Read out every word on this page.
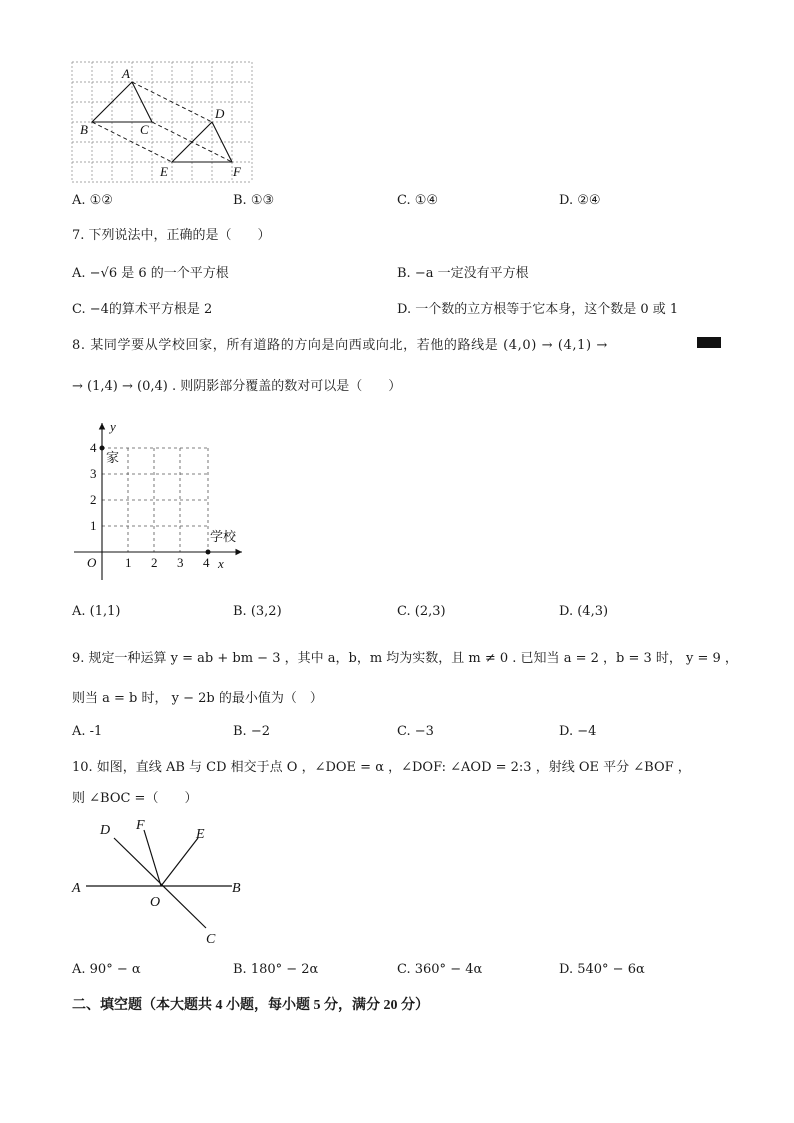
A
B	C
D
E	F
A. ①②	B. ①③	C. ①④	D. ②④
7. 下列说法中，正确的是（　　）
A. −√6 是 6 的一个平方根	B. −a 一定没有平方根
C. −4的算术平方根是 2	D. 一个数的立方根等于它本身，这个数是 0 或 1
8. 某同学要从学校回家，所有道路的方向是向西或向北，若他的路线是 (4,0) → (4,1) →
→ (1,4) → (0,4) . 则阴影部分覆盖的数对可以是（　　）
y
x
O 1 2 3 4
1
2
3
4
家
学校
A. (1,1)	B. (3,2)	C. (2,3)	D. (4,3)
9. 规定一种运算 y = ab + bm − 3 ，其中 a，b，m 均为实数，且 m ≠ 0 . 已知当 a = 2 ，b = 3 时， y = 9 ，
则当 a = b 时， y − 2b 的最小值为（　）
A. -1	B. −2	C. −3	D. −4
10. 如图，直线 AB 与 CD 相交于点 O ，∠DOE = α ，∠DOF: ∠AOD = 2:3 ，射线 OE 平分 ∠BOF ，
则 ∠BOC =（　　）
D F
E
A
O
B
C
A. 90° − α	B. 180° − 2α	C. 360° − 4α	D. 540° − 6α
二、填空题（本大题共 4 小题，每小题 5 分，满分 20 分）
